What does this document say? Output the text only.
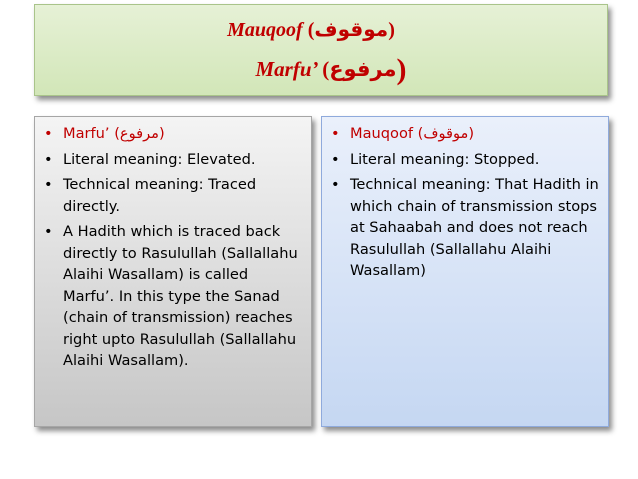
Mauqoof (موقوف)
Marfu’ (مرفوع)
• Marfu’ (مرفوع)
• Literal meaning: Elevated.
• Technical meaning: Traced directly.
• A Hadith which is traced back directly to Rasulullah (Sallallahu Alaihi Wasallam) is called Marfu’. In this type the Sanad (chain of transmission) reaches right upto Rasulullah (Sallallahu Alaihi Wasallam).
• Mauqoof (موقوف)
• Literal meaning: Stopped.
• Technical meaning: That Hadith in which chain of transmission stops at Sahaabah and does not reach Rasulullah (Sallallahu Alaihi Wasallam)
